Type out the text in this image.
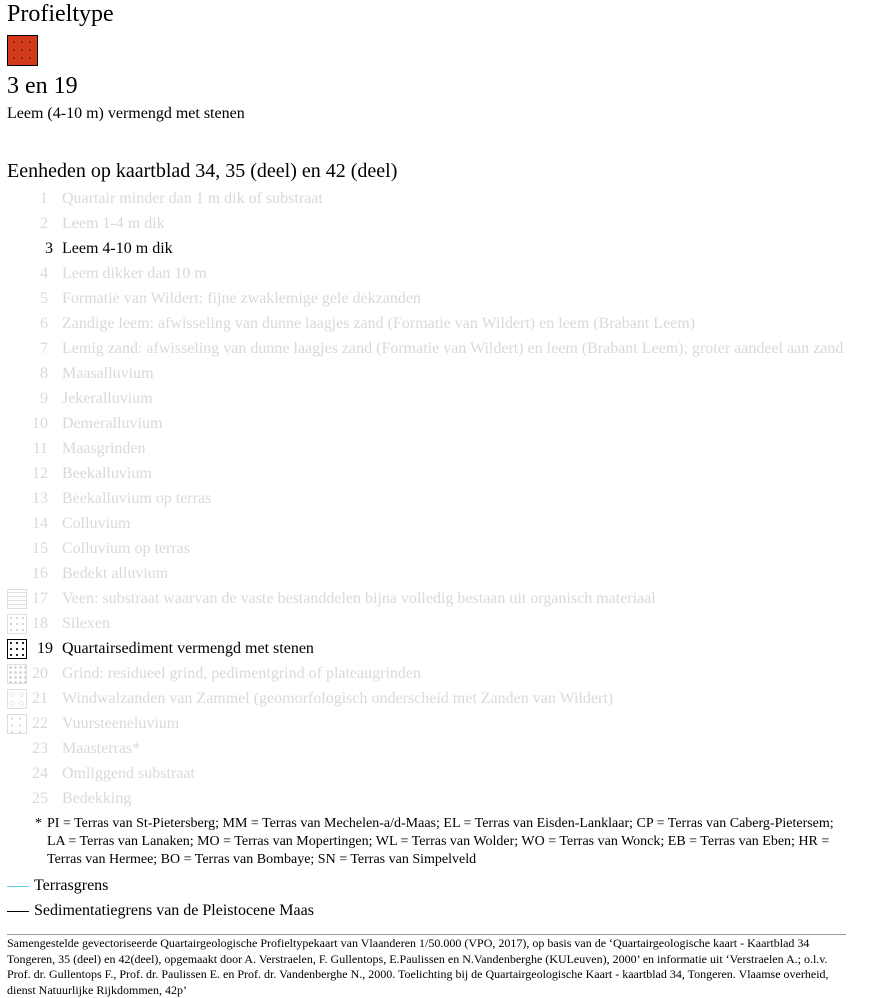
Profieltype
3 en 19
Leem (4-10 m) vermengd met stenen
Eenheden op kaartblad 34, 35 (deel) en 42 (deel)
1 Quartair minder dan 1 m dik of substraat
2 Leem 1-4 m dik
3 Leem 4-10 m dik
4 Leem dikker dan 10 m
5 Formatie van Wildert: fijne zwaklemige gele dekzanden
6 Zandige leem: afwisseling van dunne laagjes zand (Formatie van Wildert) en leem (Brabant Leem)
7 Lemig zand: afwisseling van dunne laagjes zand (Formatie van Wildert) en leem (Brabant Leem); groter aandeel aan zand
8 Maasalluvium
9 Jekeralluvium
10 Demeralluvium
11 Maasgrinden
12 Beekalluvium
13 Beekalluvium op terras
14 Colluvium
15 Colluvium op terras
16 Bedekt alluvium
17 Veen: substraat waarvan de vaste bestanddelen bijna volledig bestaan uit organisch materiaal
18 Silexen
19 Quartairsediment vermengd met stenen
20 Grind: residueel grind, pedimentgrind of plateaugrinden
21 Windwalzanden van Zammel (geomorfologisch onderscheid met Zanden van Wildert)
22 Vuursteeneluvium
23 Maasterras*
24 Omliggend substraat
25 Bedekking
* PI = Terras van St-Pietersberg; MM = Terras van Mechelen-a/d-Maas; EL = Terras van Eisden-Lanklaar; CP = Terras van Caberg-Pietersem; LA = Terras van Lanaken; MO = Terras van Mopertingen; WL = Terras van Wolder; WO = Terras van Wonck; EB = Terras van Eben; HR = Terras van Hermee; BO = Terras van Bombaye; SN = Terras van Simpelveld
Terrasgrens
Sedimentatiegrens van de Pleistocene Maas
Samengestelde gevectoriseerde Quartairgeologische Profieltypekaart van Vlaanderen 1/50.000 (VPO, 2017), op basis van de ‘Quartairgeologische kaart - Kaartblad 34 Tongeren, 35 (deel) en 42(deel), opgemaakt door A. Verstraelen, F. Gullentops, E.Paulissen en N.Vandenberghe (KULeuven), 2000’ en informatie uit ‘Verstraelen A.; o.l.v. Prof. dr. Gullentops F., Prof. dr. Paulissen E. en Prof. dr. Vandenberghe N., 2000. Toelichting bij de Quartairgeologische Kaart - kaartblad 34, Tongeren. Vlaamse overheid, dienst Natuurlijke Rijkdommen, 42p’
